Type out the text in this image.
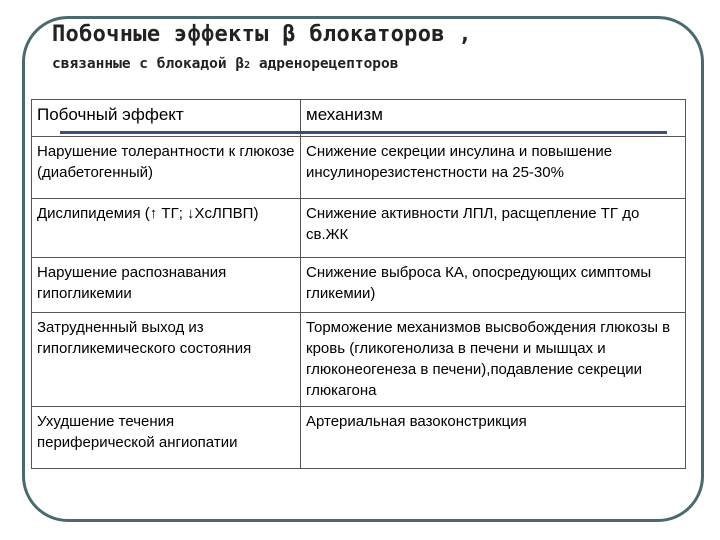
Побочные эффекты β блокаторов ,
связанные с блокадой β2 адренорецепторов
Побочный эффект	механизм
Нарушение толерантности к глюкозе (диабетогенный)	Снижение секреции инсулина и повышение инсулинорезистенстности на 25-30%
Дислипидемия (↑ ТГ; ↓ХсЛПВП)	Снижение активности ЛПЛ, расщепление ТГ до св.ЖК
Нарушение распознавания гипогликемии	Снижение выброса КА, опосредующих симптомы гликемии)
Затрудненный выход из гипогликемического состояния	Торможение механизмов высвобождения глюкозы в кровь (гликогенолиза в печени и мышцах и глюконеогенеза в печени),подавление секреции глюкагона
Ухудшение течения периферической ангиопатии	Артериальная вазоконстрикция
